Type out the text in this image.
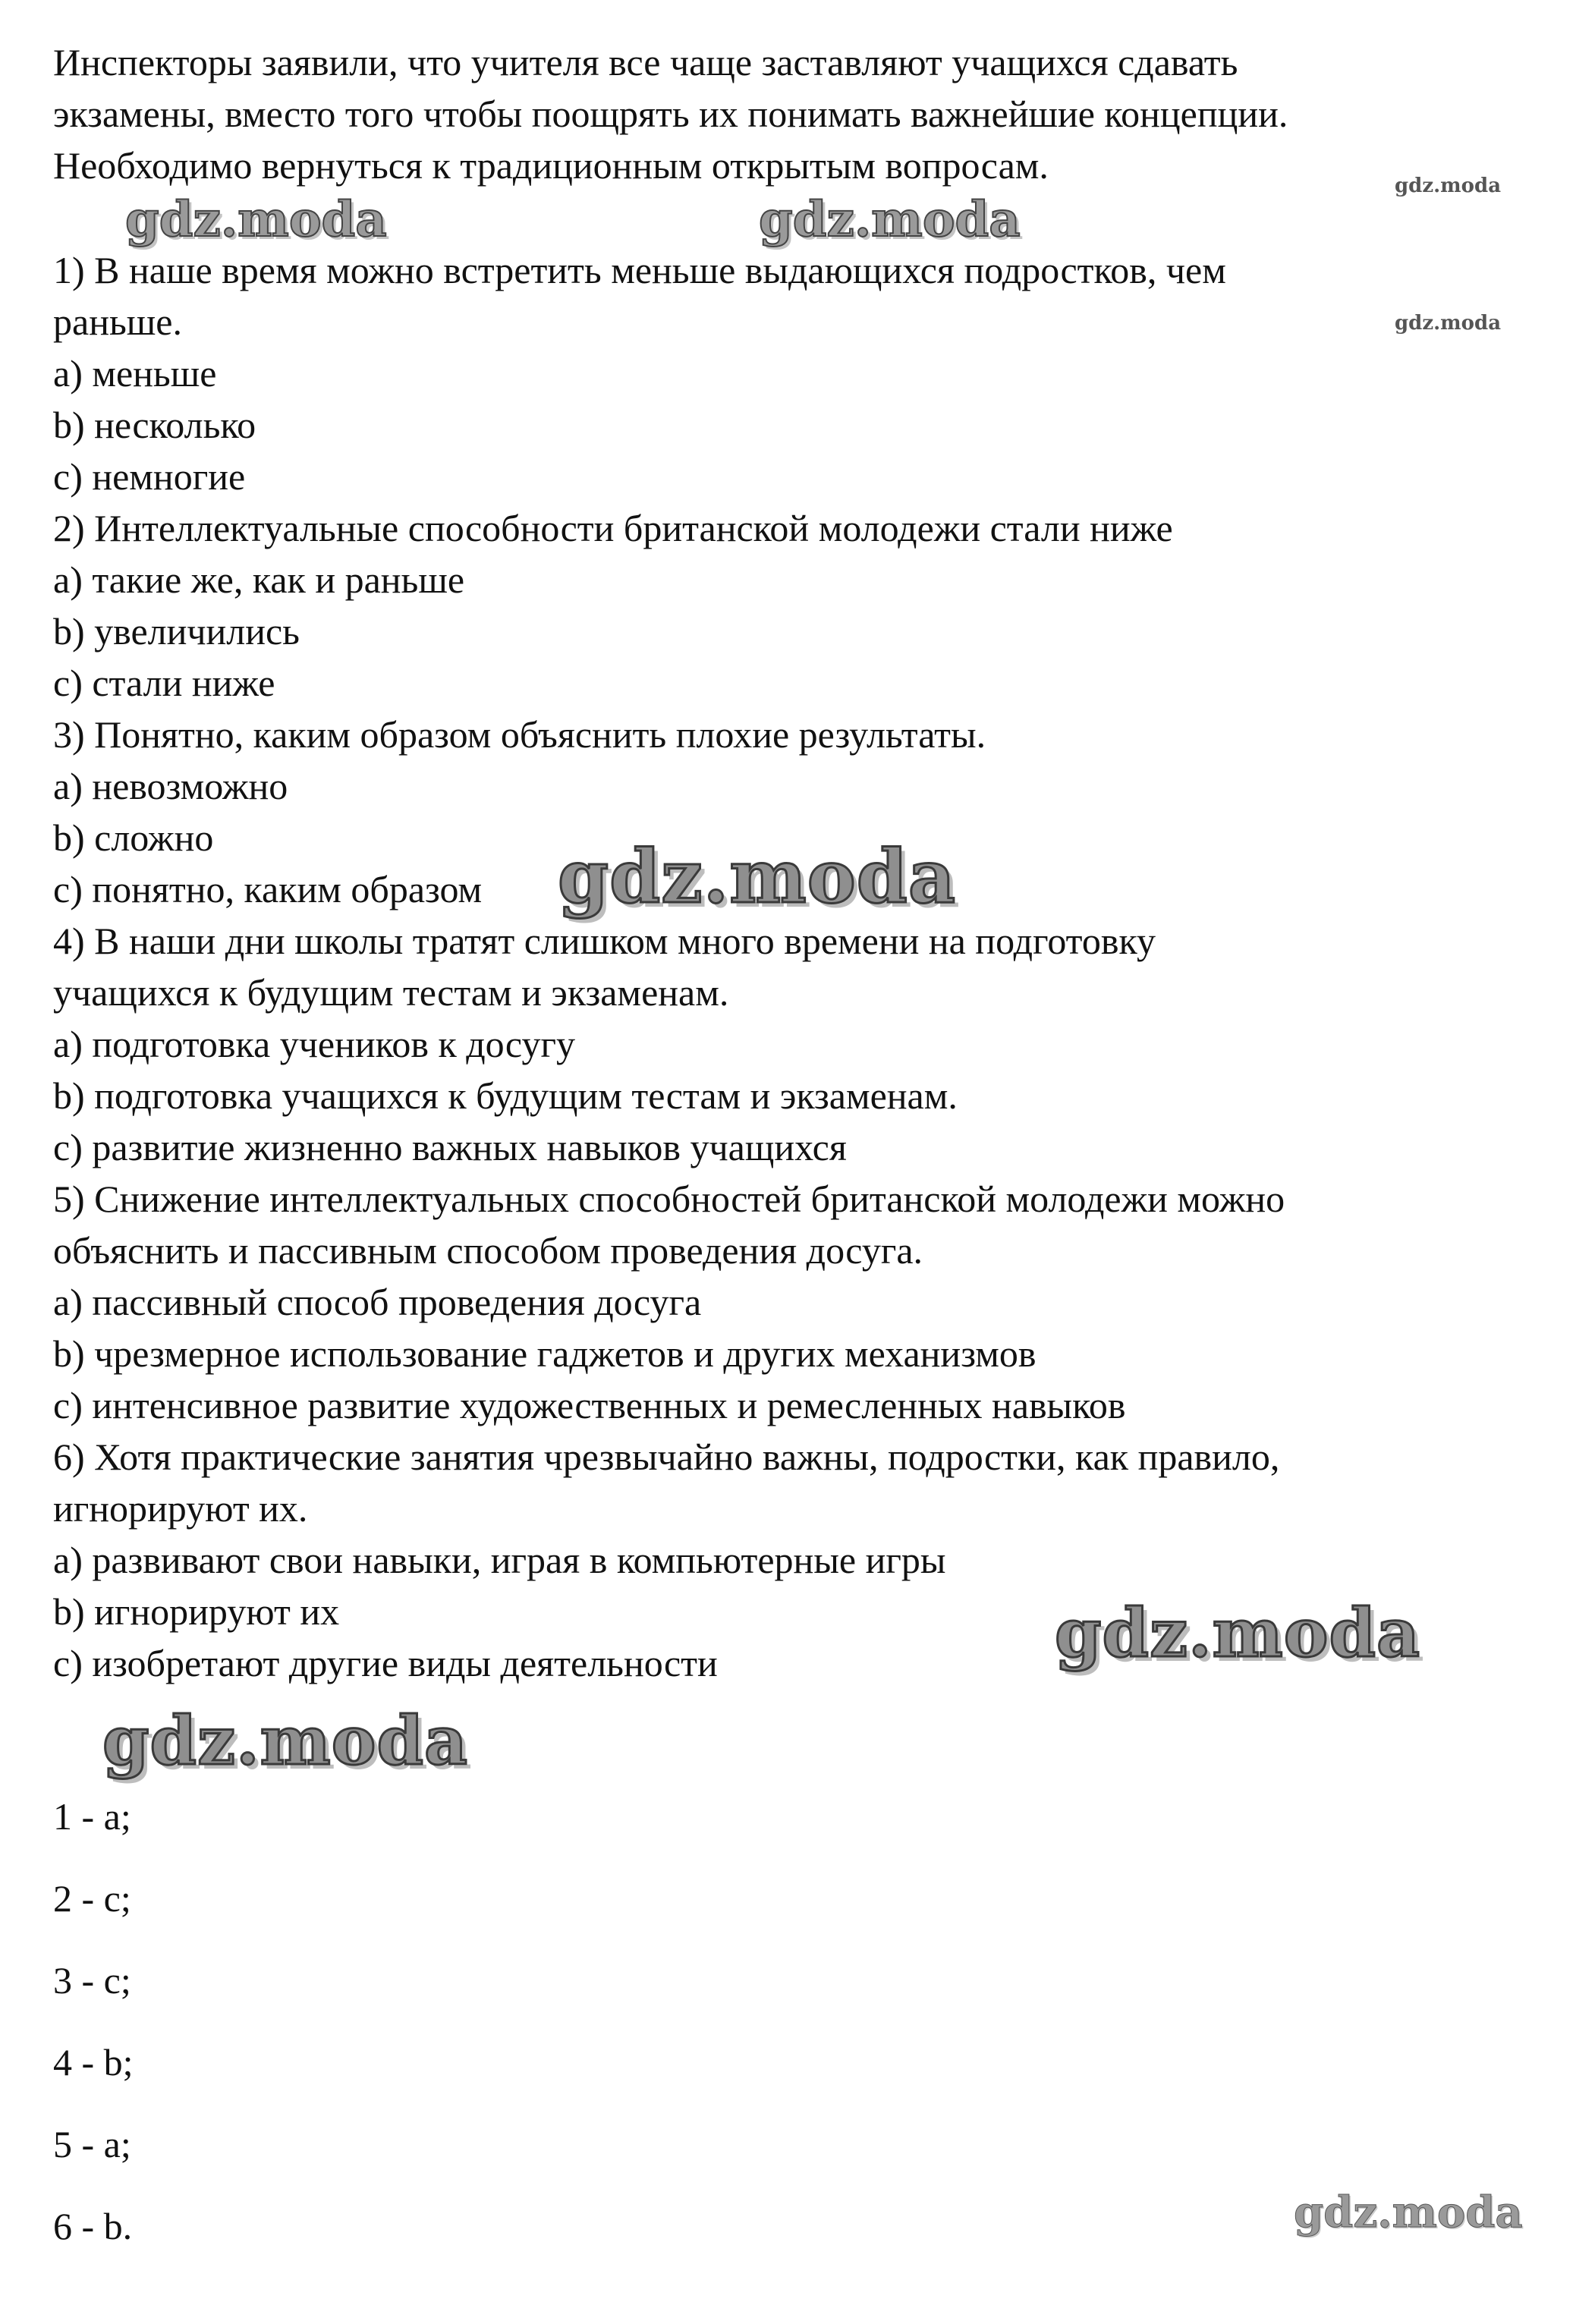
Инспекторы заявили, что учителя все чаще заставляют учащихся сдавать

экзамены, вместо того чтобы поощрять их понимать важнейшие концепции.

Необходимо вернуться к традиционным открытым вопросам.

1) В наше время можно встретить меньше выдающихся подростков, чем

раньше.

a) меньше

b) несколько

c) немногие

2) Интеллектуальные способности британской молодежи стали ниже

a) такие же, как и раньше

b) увеличились

c) стали ниже

3) Понятно, каким образом объяснить плохие результаты.

a) невозможно

b) сложно

c) понятно, каким образом

4) В наши дни школы тратят слишком много времени на подготовку

учащихся к будущим тестам и экзаменам.

a) подготовка учеников к досугу

b) подготовка учащихся к будущим тестам и экзаменам.

c) развитие жизненно важных навыков учащихся

5) Снижение интеллектуальных способностей британской молодежи можно

объяснить и пассивным способом проведения досуга.

a) пассивный способ проведения досуга

b) чрезмерное использование гаджетов и других механизмов

c) интенсивное развитие художественных и ремесленных навыков

6) Хотя практические занятия чрезвычайно важны, подростки, как правило,

игнорируют их.

a) развивают свои навыки, играя в компьютерные игры

b) игнорируют их

c) изобретают другие виды деятельности

1 - a;

2 - c;

3 - c;

4 - b;

5 - a;

6 - b.

gdz.moda	gdz.moda
gdz.moda
gdz.moda
gdz.moda
gdz.moda
gdz.moda
gdz.moda
